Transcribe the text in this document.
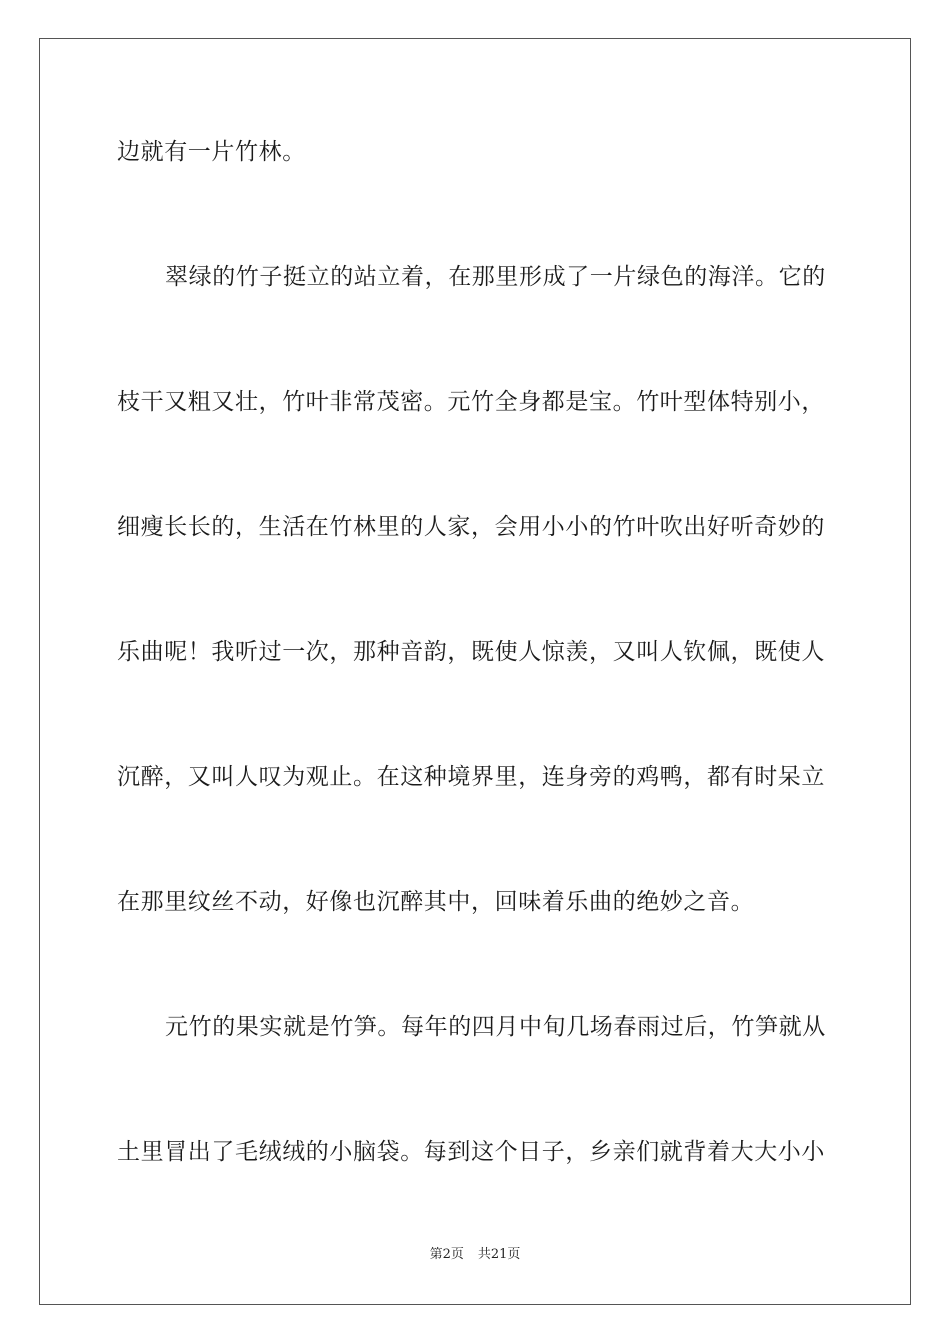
边就有一片竹林。
翠绿的竹子挺立的站立着，在那里形成了一片绿色的海洋。它的
枝干又粗又壮，竹叶非常茂密。元竹全身都是宝。竹叶型体特别小，
细瘦长长的，生活在竹林里的人家，会用小小的竹叶吹出好听奇妙的
乐曲呢！我听过一次，那种音韵，既使人惊羡，又叫人钦佩，既使人
沉醉，又叫人叹为观止。在这种境界里，连身旁的鸡鸭，都有时呆立
在那里纹丝不动，好像也沉醉其中，回味着乐曲的绝妙之音。
元竹的果实就是竹笋。每年的四月中旬几场春雨过后，竹笋就从
土里冒出了毛绒绒的小脑袋。每到这个日子，乡亲们就背着大大小小
第2页 共21页
